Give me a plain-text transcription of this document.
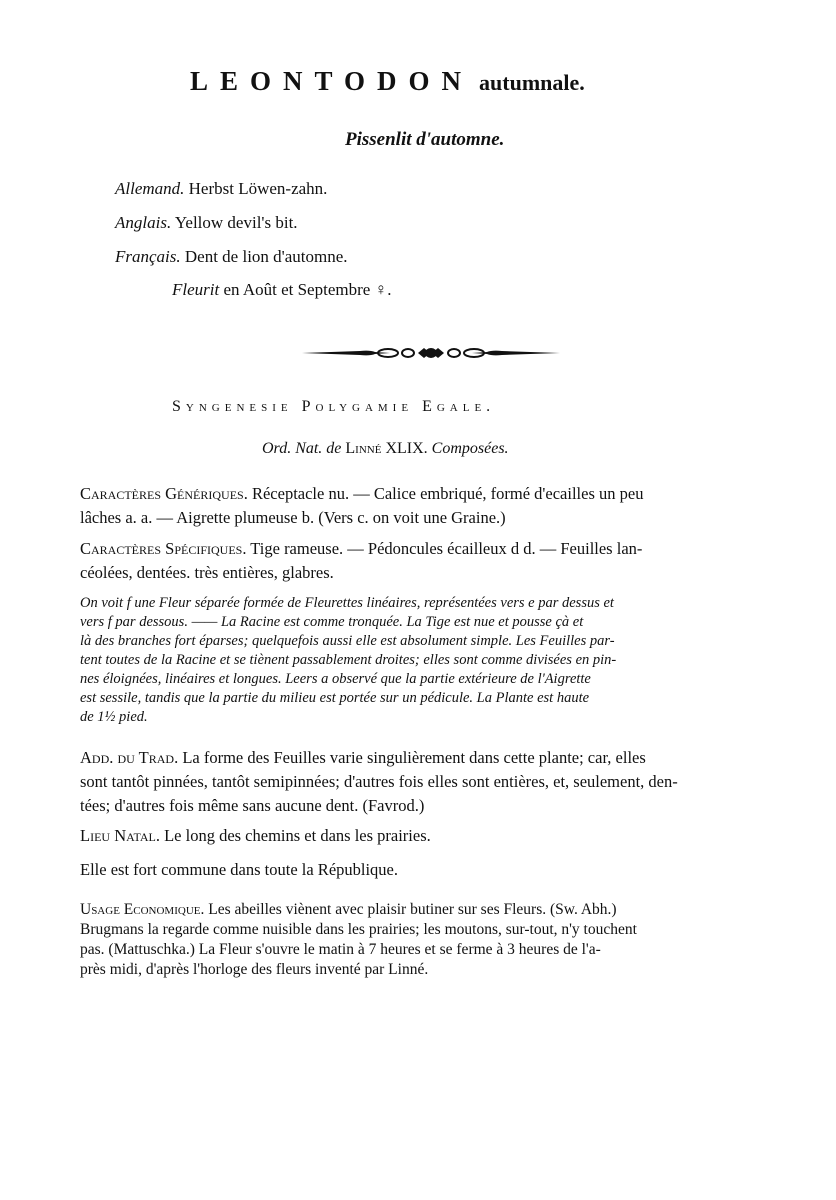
LEONTODON autumnale.
Pissenlit d'automne.
Allemand. Herbst Löwen-zahn.
Anglais. Yellow devil's bit.
Français. Dent de lion d'automne.
Fleurit en Août et Septembre ♀.
Syngenesie Polygamie Egale.
Ord. Nat. de Linné XLIX. Composées.
Caractères Génériques. Réceptacle nu. — Calice embriqué, formé d'ecailles un peu
lâches a. a. — Aigrette plumeuse b. (Vers c. on voit une Graine.)
Caractères Spécifiques. Tige rameuse. — Pédoncules écailleux d d. — Feuilles lan-
céolées, dentées. très entières, glabres.
On voit f une Fleur séparée formée de Fleurettes linéaires, représentées vers e par dessus et
vers f par dessous. —— La Racine est comme tronquée. La Tige est nue et pousse çà et
là des branches fort éparses; quelquefois aussi elle est absolument simple. Les Feuilles par-
tent toutes de la Racine et se tiènent passablement droites; elles sont comme divisées en pin-
nes éloignées, linéaires et longues. Leers a observé que la partie extérieure de l'Aigrette
est sessile, tandis que la partie du milieu est portée sur un pédicule. La Plante est haute
de 1½ pied.
Add. du Trad. La forme des Feuilles varie singulièrement dans cette plante; car, elles
sont tantôt pinnées, tantôt semipinnées; d'autres fois elles sont entières, et, seulement, den-
tées; d'autres fois même sans aucune dent. (Favrod.)
Lieu Natal. Le long des chemins et dans les prairies.
Elle est fort commune dans toute la République.
Usage Economique. Les abeilles viènent avec plaisir butiner sur ses Fleurs. (Sw. Abh.)
Brugmans la regarde comme nuisible dans les prairies; les moutons, sur-tout, n'y touchent
pas. (Mattuschka.) La Fleur s'ouvre le matin à 7 heures et se ferme à 3 heures de l'a-
près midi, d'après l'horloge des fleurs inventé par Linné.
